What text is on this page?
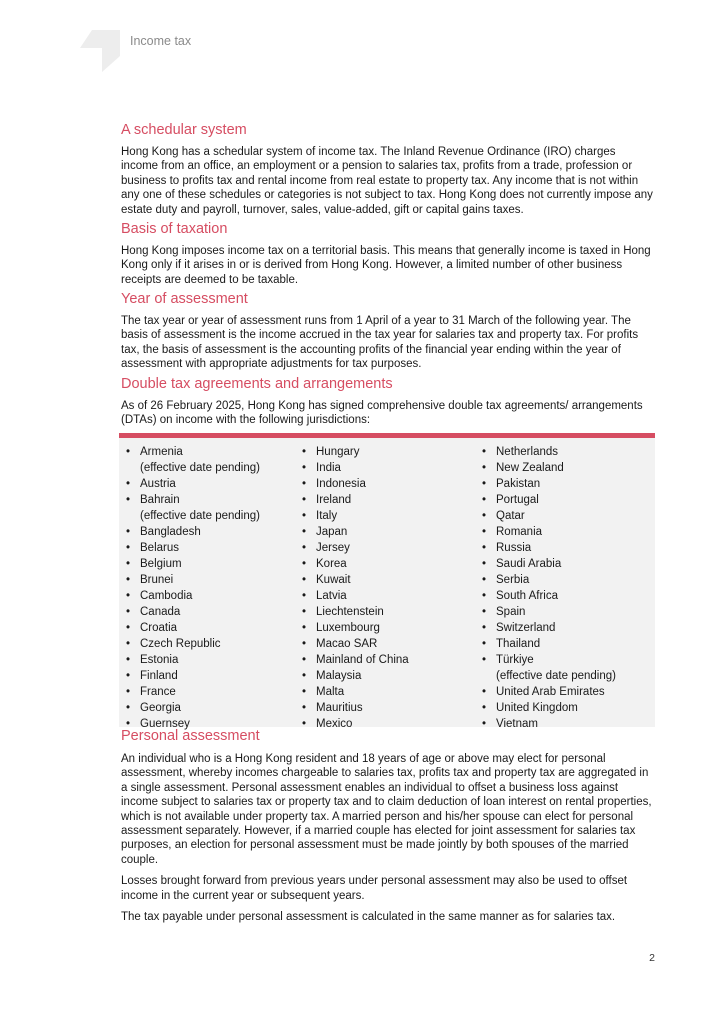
Income tax
A schedular system

Hong Kong has a schedular system of income tax. The Inland Revenue Ordinance (IRO) charges income from an office, an employment or a pension to salaries tax, profits from a trade, profession or business to profits tax and rental income from real estate to property tax. Any income that is not within any one of these schedules or categories is not subject to tax. Hong Kong does not currently impose any estate duty and payroll, turnover, sales, value-added, gift or capital gains taxes.

Basis of taxation

Hong Kong imposes income tax on a territorial basis. This means that generally income is taxed in Hong Kong only if it arises in or is derived from Hong Kong. However, a limited number of other business receipts are deemed to be taxable.

Year of assessment

The tax year or year of assessment runs from 1 April of a year to 31 March of the following year. The basis of assessment is the income accrued in the tax year for salaries tax and property tax. For profits tax, the basis of assessment is the accounting profits of the financial year ending within the year of assessment with appropriate adjustments for tax purposes.

Double tax agreements and arrangements

As of 26 February 2025, Hong Kong has signed comprehensive double tax agreements/ arrangements (DTAs) on income with the following jurisdictions:

• Armenia
(effective date pending)
• Austria
• Bahrain
(effective date pending)
• Bangladesh
• Belarus
• Belgium
• Brunei
• Cambodia
• Canada
• Croatia
• Czech Republic
• Estonia
• Finland
• France
• Georgia
• Guernsey
• Hungary
• India
• Indonesia
• Ireland
• Italy
• Japan
• Jersey
• Korea
• Kuwait
• Latvia
• Liechtenstein
• Luxembourg
• Macao SAR
• Mainland of China
• Malaysia
• Malta
• Mauritius
• Mexico
• Netherlands
• New Zealand
• Pakistan
• Portugal
• Qatar
• Romania
• Russia
• Saudi Arabia
• Serbia
• South Africa
• Spain
• Switzerland
• Thailand
• Türkiye
(effective date pending)
• United Arab Emirates
• United Kingdom
• Vietnam
Personal assessment

An individual who is a Hong Kong resident and 18 years of age or above may elect for personal assessment, whereby incomes chargeable to salaries tax, profits tax and property tax are aggregated in a single assessment. Personal assessment enables an individual to offset a business loss against income subject to salaries tax or property tax and to claim deduction of loan interest on rental properties, which is not available under property tax. A married person and his/her spouse can elect for personal assessment separately. However, if a married couple has elected for joint assessment for salaries tax purposes, an election for personal assessment must be made jointly by both spouses of the married couple.

Losses brought forward from previous years under personal assessment may also be used to offset income in the current year or subsequent years.

The tax payable under personal assessment is calculated in the same manner as for salaries tax.

2
